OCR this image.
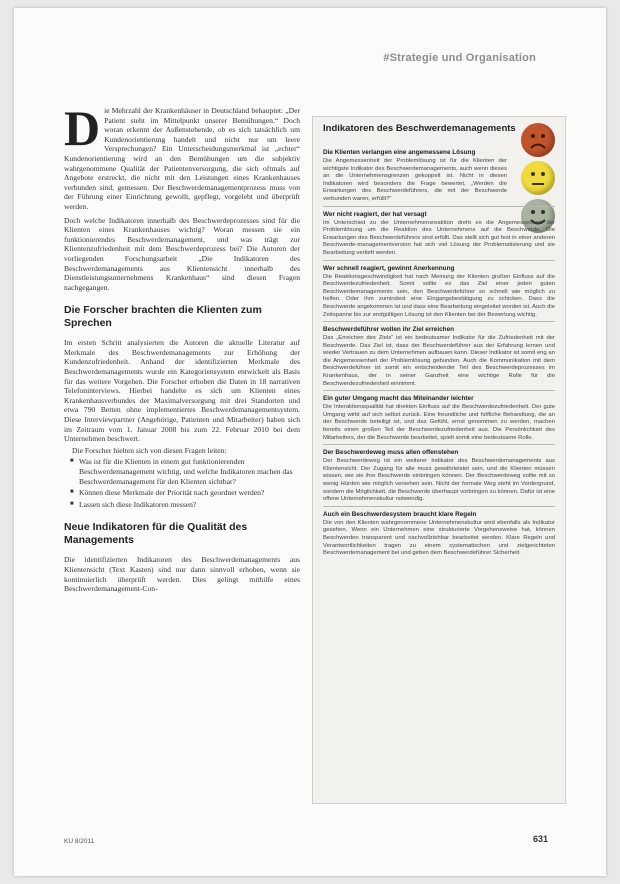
#Strategie und Organisation
D ie Mehrzahl der Krankenhäuser in Deutschland behauptet: „Der Patient steht im Mittelpunkt unserer Bemühungen.“ Doch woran erkennt der Außenstehende, ob es sich tatsächlich um Kundenorientierung handelt und nicht nur um leere Versprechungen? Ein Unterscheidungsmerkmal ist „echter“ Kundenorientierung wird an den Bemühungen um die subjektiv wahrgenommene Qualität der Patientenversorgung, die sich oftmals auf Angebote erstreckt, die nicht mit den Leistungen eines Krankenhauses verbunden sind, gemessen. Der Beschwerdemanagementprozess muss von der Führung einer Einrichtung gewollt, gepflegt, vorgelebt und überprüft werden.

Doch welche Indikatoren innerhalb des Beschwerdeprozesses sind für die Klienten eines Krankenhauses wichtig? Woran messen sie ein funktionierendes Beschwerdemanagement, und was trägt zur Klientenzufriedenheit mit dem Beschwerdeprozess bei? Die Autoren der vorliegenden Forschungsarbeit „Die Indikatoren des Beschwerdemanagements aus Klientensicht innerhalb des Dienstleistungsunternehmens Krankenhaus“ sind diesen Fragen nachgegangen.

Die Forscher brachten die Klienten zum Sprechen

Im ersten Schritt analysierten die Autoren die aktuelle Literatur auf Merkmale des Beschwerdemanagements zur Erhöhung der Kundenzufriedenheit. Anhand der identifizierten Merkmale des Beschwerdemanagements wurde ein Kategoriensystem entwickelt als Basis für das weitere Vorgehen. Die Forscher erhoben die Daten in 18 narrativen Telefoninterviews. Hierbei handelte es sich um Klienten eines Krankenhausverbundes der Maximalversorgung mit drei Standorten und etwa 790 Betten ohne implementiertes Beschwerdemanagementsystem. Diese Interviewpartner (Angehörige, Patienten und Mitarbeiter) haben sich im Zeitraum vom 1. Januar 2008 bis zum 22. Februar 2010 bei dem Unternehmen beschwert.

Die Forscher hielten sich von diesen Fragen leiten:

■ Was ist für die Klienten in einem gut funktionierenden Beschwerdemanagement wichtig, und welche Indikatoren machen das Beschwerdemanagement für den Klienten sichtbar?
■ Können diese Merkmale der Priorität nach geordnet werden?
■ Lassen sich diese Indikatoren messen?
Neue Indikatoren für die Qualität des Managements

Die identifizierten Indikatoren des Beschwerdemanagements aus Klientensicht (Text Kasten) sind nur dann sinnvoll erhoben, wenn sie kontinuierlich überprüft werden. Dies gelingt mithilfe eines Beschwerdemanagement-Con-

Indikatoren des Beschwerdemanagements
Die Klienten verlangen eine angemessene Lösung

Die Angemessenheit der Problemlösung ist für die Klienten der wichtigste Indikator des Beschwerdemanagements, auch wenn dieses an die Unternehmensgrenzen gekoppelt ist. Nicht in diesen Indikatoren wird besonders die Frage bewertet, „Werden die Erwartungen des Beschwerdeführers, die mit der Beschwerde verbunden waren, erfüllt?“

Wer nicht reagiert, der hat versagt

Im Unterschied zu der Unternehmensreaktion dreht es die Angemessenheit der Problemlösung um die Reaktion des Unternehmens auf die Beschwerde. Die Erwartungen des Beschwerdeführers sind erfüllt. Das stellt sich gut fest in einer anderen Beschwerde-managementversion hat sich viel Lösung der Problematisierung und sie Bearbeitung vertieft werden.

Wer schnell reagiert, gewinnt Anerkennung

Die Reaktionsgeschwindigkeit hat nach Meinung der Klienten großen Einfluss auf die Beschwerdezufriedenheit. Somit sollte es das Ziel einer jeden guten Beschwerdemanagements sein, den Beschwerdeführer so schnell wie möglich zu helfen. Oder ihm zumindest eine Eingangsbestätigung zu schicken. Dass die Beschwerde angekommen ist und dass eine Bearbeitung eingeleitet worden ist. Auch die Zeitspanne bis zur endgültigen Lösung ist den Klienten bei der Bewertung wichtig.

Beschwerdeführer wollen ihr Ziel erreichen

Das „Erreichen des Ziels“ ist ein bedeutsamer Indikator für die Zufriedenheit mit der Beschwerde. Das Ziel ist, dass der Beschwerdeführer aus der Erfahrung lernen und wieder Vertrauen zu dem Unternehmen aufbauen kann. Dieser Indikator ist somit eng an die Angemessenheit der Problemlösung gebunden. Auch die Kommunikation mit dem Beschwerdeführer ist somit ein entscheidender Teil des Beschwerdeprozesses im Krankenhaus, der in seiner Ganzheit eine wichtige Rolle für die Beschwerdezufriedenheit einnimmt.

Ein guter Umgang macht das Miteinander leichter

Die Interaktionsqualität hat direkten Einfluss auf die Beschwerdezufriedenheit. Der gute Umgang wirkt auf sich selbst zurück. Eine freundliche und höfliche Behandlung, die an der Beschwerde beteiligt ist, und das Gefühl, ernst genommen zu werden, machen bereits einen großen Teil der Beschwerdezufriedenheit aus. Die Persönlichkeit des Mitarbeiters, der die Beschwerde bearbeitet, spielt somit eine bedeutsame Rolle.

Der Beschwerdeweg muss allen offenstehen

Der Beschwerdeweg ist ein weiterer Indikator des Beschwerdemanagements aus Klientensicht. Der Zugang für alle muss gewährleistet sein, und die Klienten müssen wissen, wie sie ihre Beschwerde einbringen können. Der Beschwerdeweg sollte mit so wenig Hürden wie möglich versehen sein. Nicht der formale Weg steht im Vordergrund, sondern die Möglichkeit, die Beschwerde überhaupt vorbringen zu können. Dafür ist eine offene Unternehmenskultur notwendig.

Auch ein Beschwerdesystem braucht klare Regeln

Die von den Klienten wahrgenommene Unternehmenskultur wird ebenfalls als Indikator gesehen. Wenn ein Unternehmen eine strukturierte Vorgehensweise hat, können Beschwerden transparent und nachvollziehbar bearbeitet werden. Klare Regeln und Verantwortlichkeiten tragen zu einem systematischen und zielgerichteten Beschwerdemanagement bei und geben dem Beschwerdeführer Sicherheit.

KU 8/2011	631
